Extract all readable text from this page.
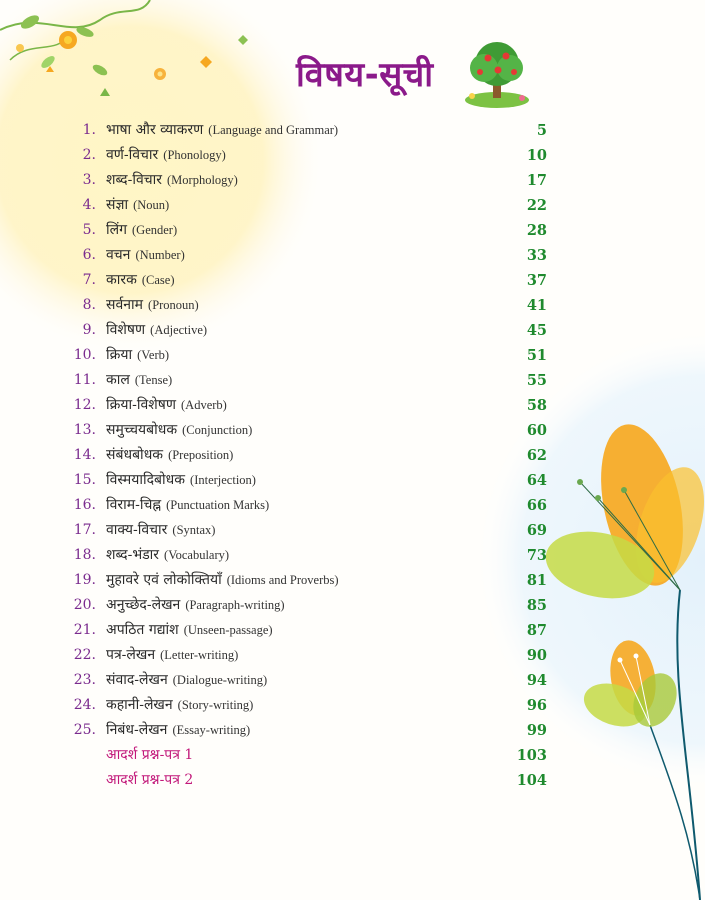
विषय-सूची
1. भाषा और व्याकरण (Language and Grammar)	5
2. वर्ण-विचार (Phonology)	10
3. शब्द-विचार (Morphology)	17
4. संज्ञा (Noun)	22
5. लिंग (Gender)	28
6. वचन (Number)	33
7. कारक (Case)	37
8. सर्वनाम (Pronoun)	41
9. विशेषण (Adjective)	45
10. क्रिया (Verb)	51
11. काल (Tense)	55
12. क्रिया-विशेषण (Adverb)	58
13. समुच्चयबोधक (Conjunction)	60
14. संबंधबोधक (Preposition)	62
15. विस्मयादिबोधक (Interjection)	64
16. विराम-चिह्न (Punctuation Marks)	66
17. वाक्य-विचार (Syntax)	69
18. शब्द-भंडार (Vocabulary)	73
19. मुहावरे एवं लोकोक्तियाँ (Idioms and Proverbs)	81
20. अनुच्छेद-लेखन (Paragraph-writing)	85
21. अपठित गद्यांश (Unseen-passage)	87
22. पत्र-लेखन (Letter-writing)	90
23. संवाद-लेखन (Dialogue-writing)	94
24. कहानी-लेखन (Story-writing)	96
25. निबंध-लेखन (Essay-writing)	99
आदर्श प्रश्न-पत्र 1	103
आदर्श प्रश्न-पत्र 2	104
